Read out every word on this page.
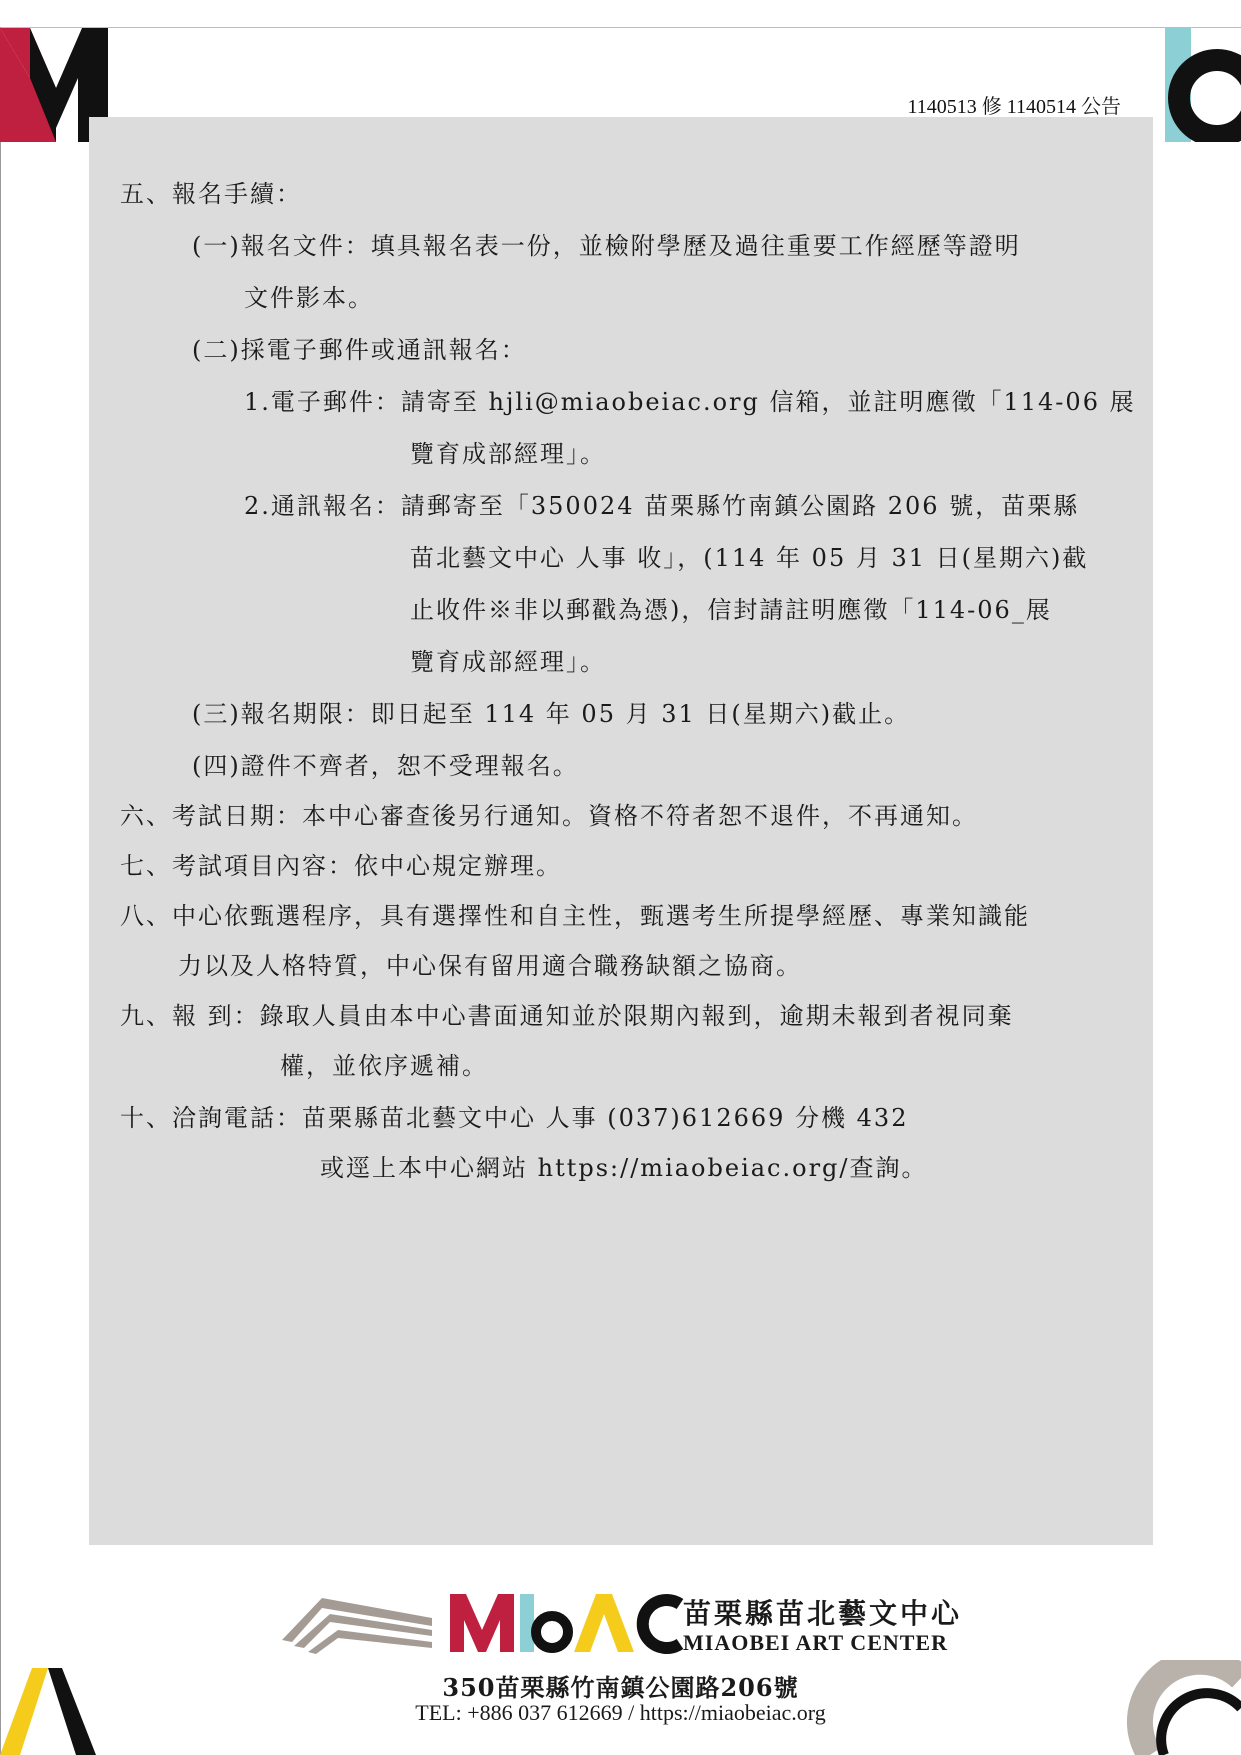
1140513 修 1140514 公告
五、報名手續：
(一)報名文件：填具報名表一份，並檢附學歷及過往重要工作經歷等證明
文件影本。
(二)採電子郵件或通訊報名：
1.電子郵件：請寄至 hjli@miaobeiac.org 信箱，並註明應徵「114-06 展
覽育成部經理」。
2.通訊報名：請郵寄至「350024 苗栗縣竹南鎮公園路 206 號，苗栗縣
苗北藝文中心 人事 收」，(114 年 05 月 31 日(星期六)截
止收件※非以郵戳為憑)，信封請註明應徵「114-06_展
覽育成部經理」。
(三)報名期限：即日起至 114 年 05 月 31 日(星期六)截止。
(四)證件不齊者，恕不受理報名。
六、考試日期：本中心審查後另行通知。資格不符者恕不退件，不再通知。
七、考試項目內容：依中心規定辦理。
八、中心依甄選程序，具有選擇性和自主性，甄選考生所提學經歷、專業知識能
力以及人格特質，中心保有留用適合職務缺額之協商。
九、報 到：錄取人員由本中心書面通知並於限期內報到，逾期未報到者視同棄
權，並依序遞補。
十、洽詢電話：苗栗縣苗北藝文中心 人事 (037)612669 分機 432
或逕上本中心網站 https://miaobeiac.org/查詢。
苗栗縣苗北藝文中心
MIAOBEI ART CENTER
350苗栗縣竹南鎮公園路206號
TEL: +886 037 612669 / https://miaobeiac.org
